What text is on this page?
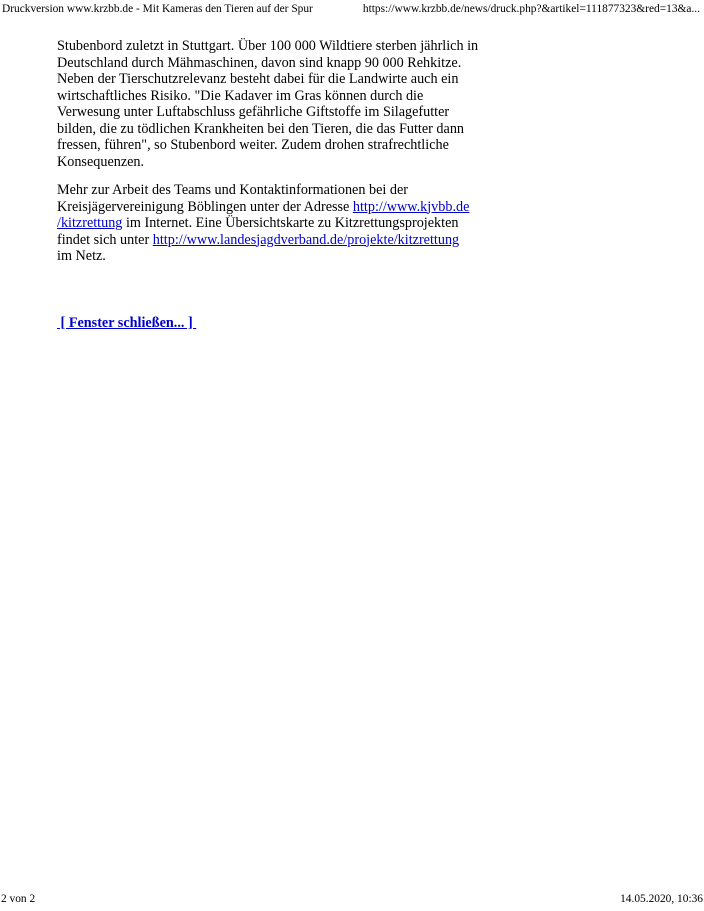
Druckversion www.krzbb.de - Mit Kameras den Tieren auf der Spur	https://www.krzbb.de/news/druck.php?&artikel=111877323&red=13&a...
Stubenbord zuletzt in Stuttgart. Über 100 000 Wildtiere sterben jährlich in
Deutschland durch Mähmaschinen, davon sind knapp 90 000 Rehkitze.
Neben der Tierschutzrelevanz besteht dabei für die Landwirte auch ein
wirtschaftliches Risiko. "Die Kadaver im Gras können durch die
Verwesung unter Luftabschluss gefährliche Giftstoffe im Silagefutter
bilden, die zu tödlichen Krankheiten bei den Tieren, die das Futter dann
fressen, führen", so Stubenbord weiter. Zudem drohen strafrechtliche
Konsequenzen.
Mehr zur Arbeit des Teams und Kontaktinformationen bei der
Kreisjägervereinigung Böblingen unter der Adresse http://www.kjvbb.de
/kitzrettung im Internet. Eine Übersichtskarte zu Kitzrettungsprojekten
findet sich unter http://www.landesjagdverband.de/projekte/kitzrettung
im Netz.
[ Fenster schließen... ]
2 von 2	14.05.2020, 10:36
